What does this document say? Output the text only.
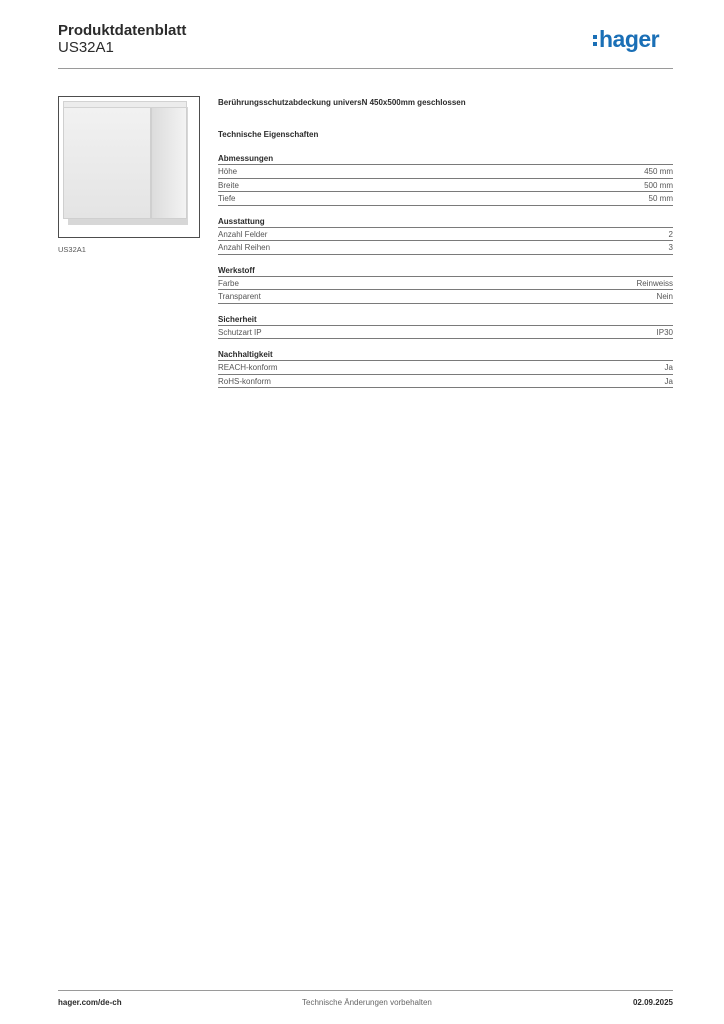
Produktdatenblatt
US32A1	hager
US32A1
Berührungsschutzabdeckung universN 450x500mm geschlossen
Technische Eigenschaften
Abmessungen
Höhe	450 mm
Breite	500 mm
Tiefe	50 mm
Ausstattung
Anzahl Felder	2
Anzahl Reihen	3
Werkstoff
Farbe	Reinweiss
Transparent	Nein
Sicherheit
Schutzart IP	IP30
Nachhaltigkeit
REACH-konform	Ja
RoHS-konform	Ja
hager.com/de-ch	Technische Änderungen vorbehalten	02.09.2025
